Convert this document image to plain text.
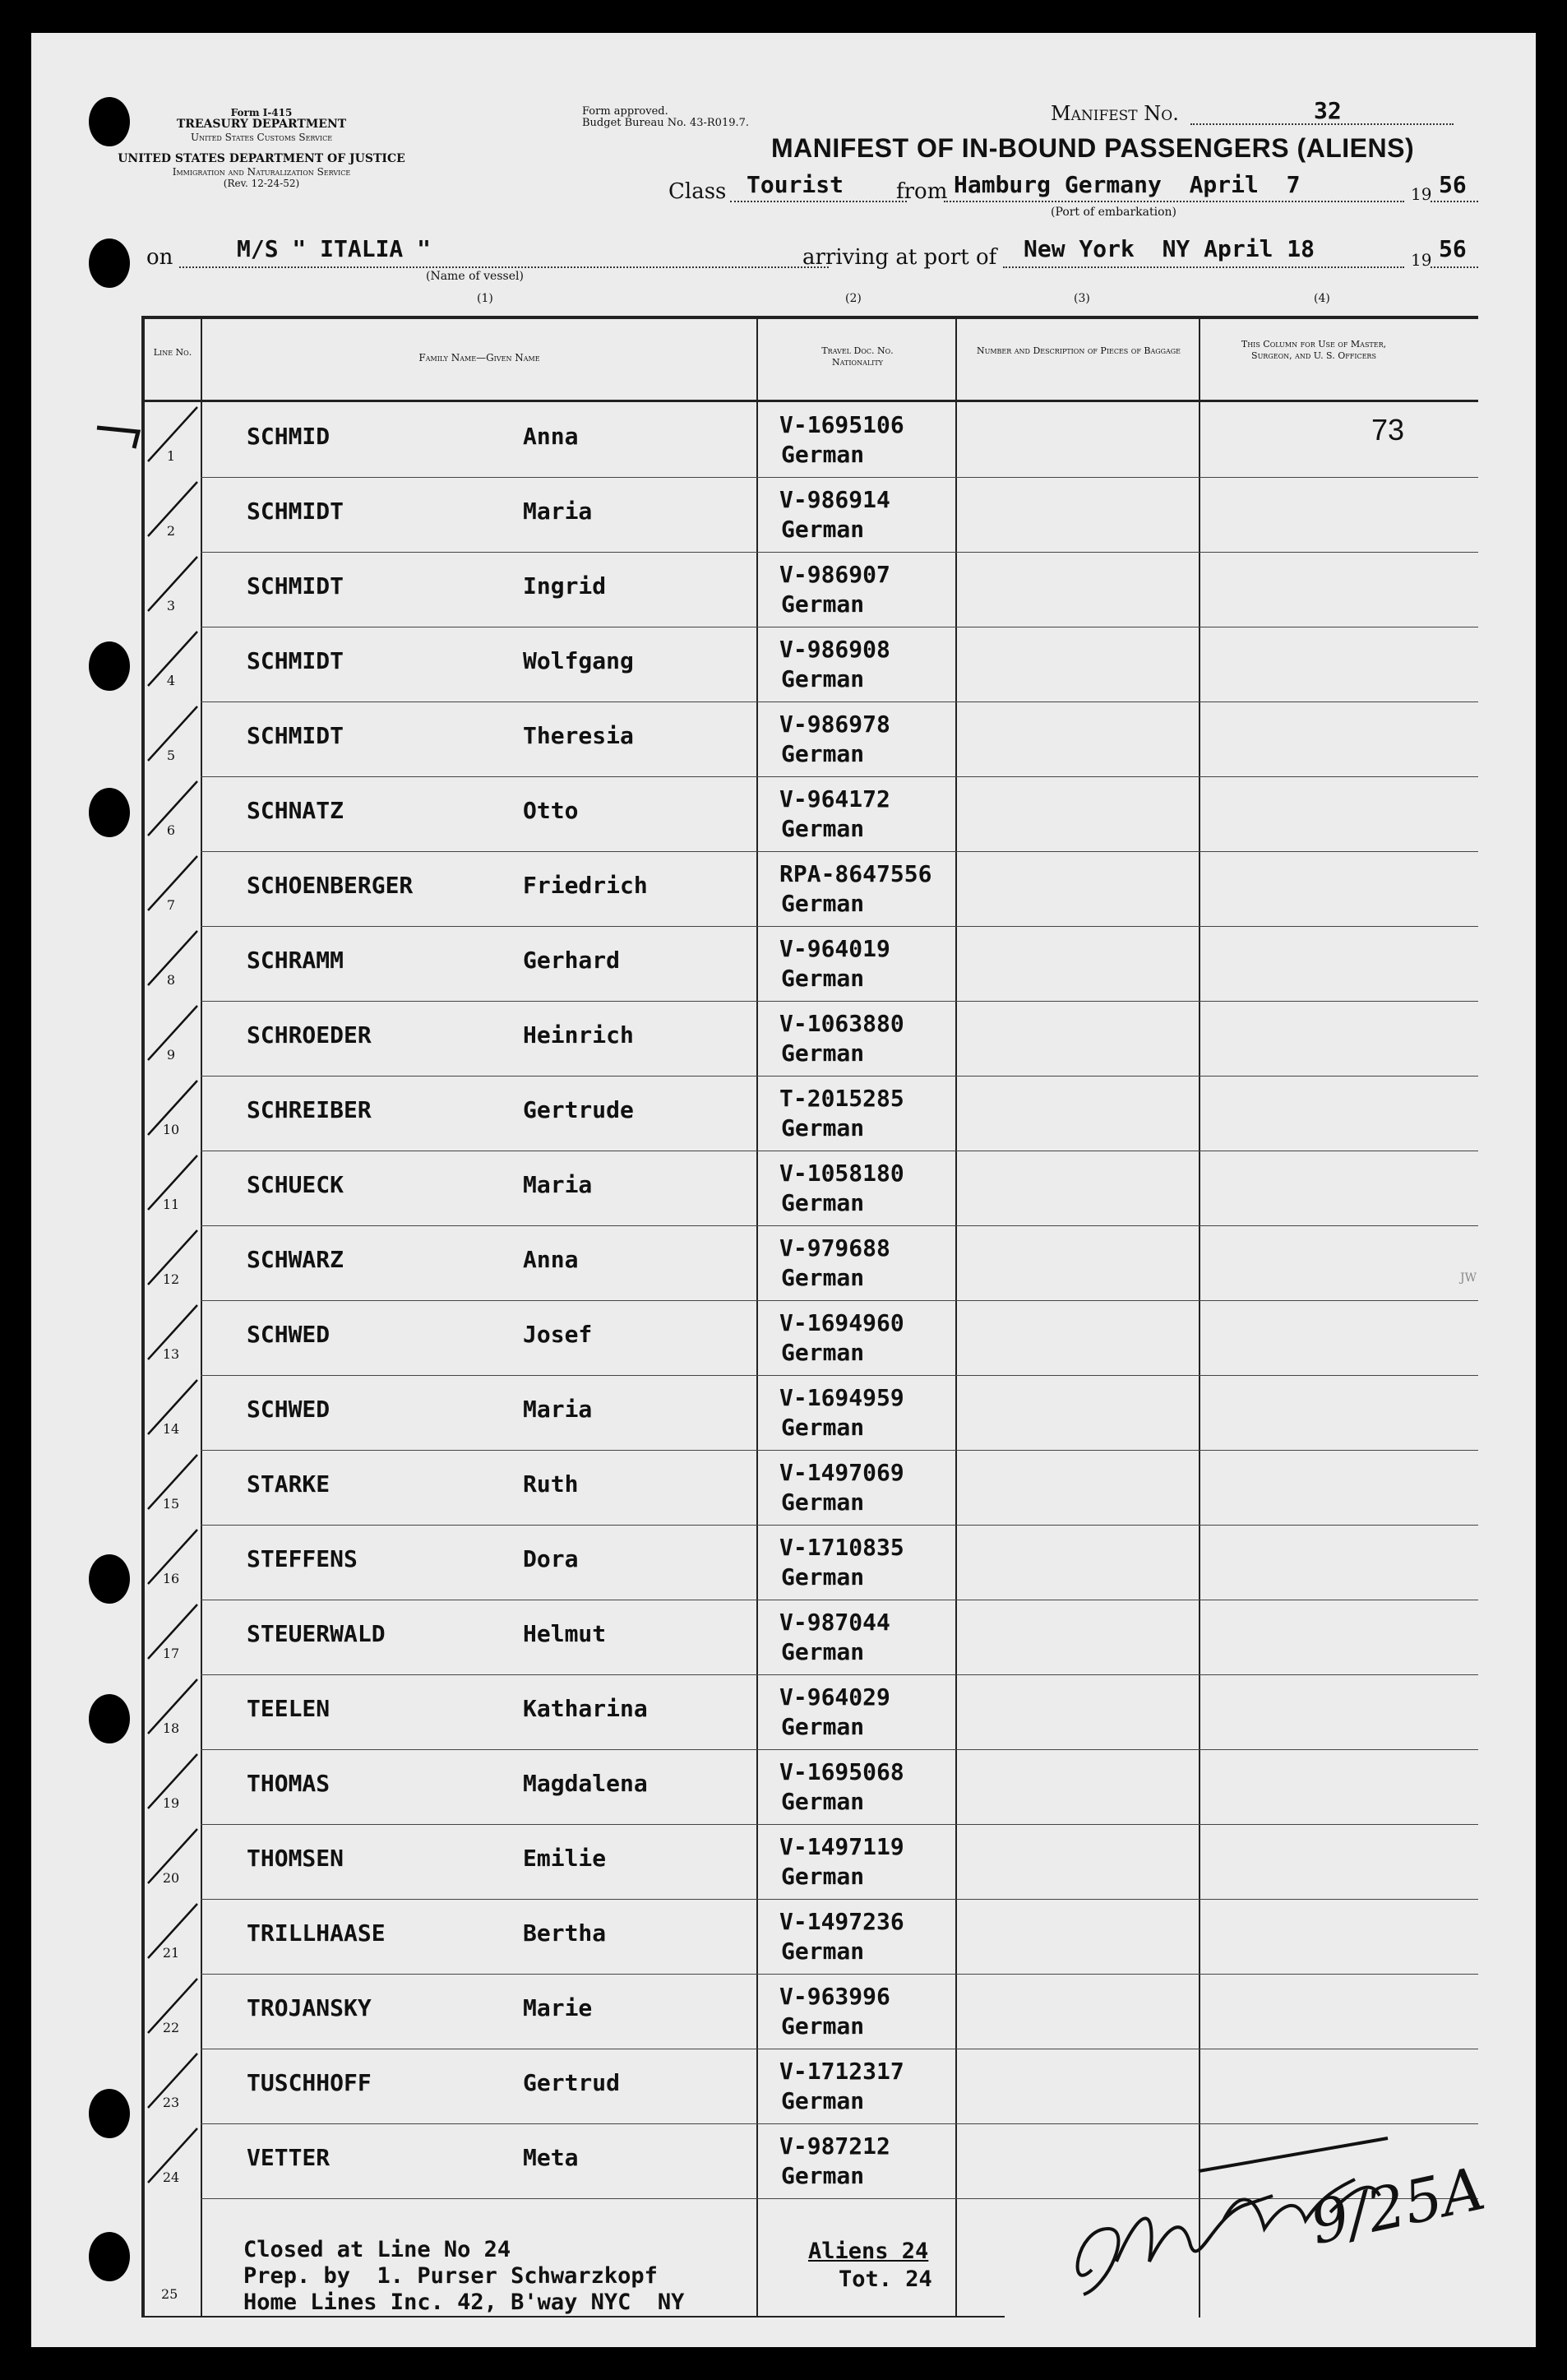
Form I-415
TREASURY DEPARTMENT
United States Customs Service
UNITED STATES DEPARTMENT OF JUSTICE
Immigration and Naturalization Service
(Rev. 12-24-52)
Form approved.
Budget Bureau No. 43-R019.7.	Manifest No.	32
MANIFEST OF IN-BOUND PASSENGERS (ALIENS)
Class Tourist from Hamburg Germany  April  7	19 56
(Port of embarkation)
on	M/S " ITALIA "
(Name of vessel)
arriving at port of New York  NY April 18	19 56
(1)	(2)	(3)	(4)
Line No.	Family Name—Given Name
Travel Doc. No. Nationality
Number and Description of Pieces of Baggage
This Column for Use of Master, Surgeon, and U. S. Officers
1
SCHMID	Anna	V-1695106
German
73
2
SCHMIDT	Maria	V-986914
German
3
SCHMIDT	Ingrid	V-986907
German
4
SCHMIDT	Wolfgang	V-986908
German
5
SCHMIDT	Theresia	V-986978
German
6
SCHNATZ	Otto	V-964172
German
7
SCHOENBERGER	Friedrich	RPA-8647556
German
8
SCHRAMM	Gerhard	V-964019
German
9
SCHROEDER	Heinrich	V-1063880
German
10
SCHREIBER	Gertrude	T-2015285
German
11
SCHUECK	Maria	V-1058180
German
12
SCHWARZ	Anna	V-979688
German
13
SCHWED	Josef	V-1694960
German
14
SCHWED	Maria	V-1694959
German
15
STARKE	Ruth	V-1497069
German
16
STEFFENS	Dora	V-1710835
German
17
STEUERWALD	Helmut	V-987044
German
18
TEELEN	Katharina	V-964029
German
19
THOMAS	Magdalena	V-1695068
German
20
THOMSEN	Emilie	V-1497119
German
21
TRILLHAASE	Bertha	V-1497236
German
22
TROJANSKY	Marie	V-963996
German
23
TUSCHHOFF	Gertrud	V-1712317
German
24
VETTER	Meta	V-987212
German
25
Closed at Line No 24
Prep. by  1. Purser Schwarzkopf
Home Lines Inc. 42, B'way NYC  NY
Aliens 24
Tot. 24
9/25A
JW
